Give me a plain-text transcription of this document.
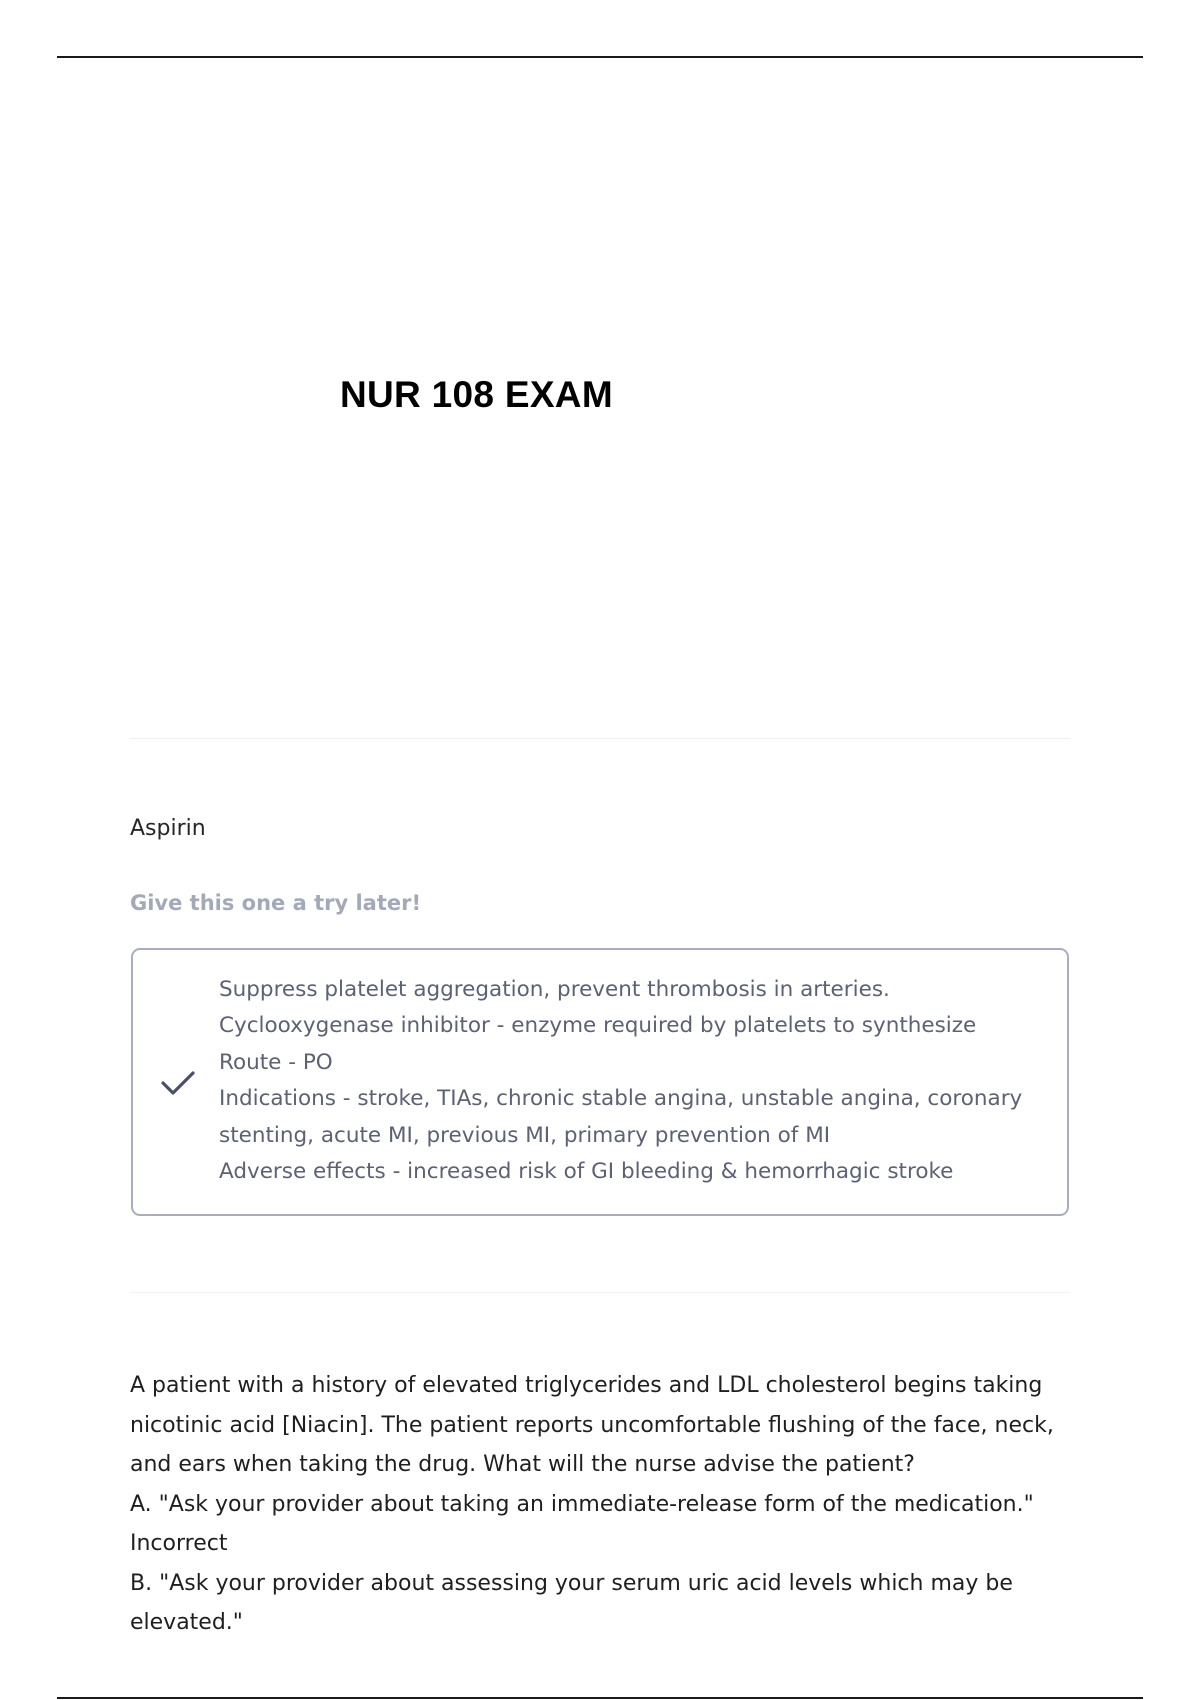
NUR 108 EXAM
Aspirin
Give this one a try later!
Suppress platelet aggregation, prevent thrombosis in arteries.
Cyclooxygenase inhibitor - enzyme required by platelets to synthesize
Route - PO
Indications - stroke, TIAs, chronic stable angina, unstable angina, coronary
stenting, acute MI, previous MI, primary prevention of MI
Adverse effects - increased risk of GI bleeding & hemorrhagic stroke
A patient with a history of elevated triglycerides and LDL cholesterol begins taking
nicotinic acid [Niacin]. The patient reports uncomfortable flushing of the face, neck,
and ears when taking the drug. What will the nurse advise the patient?
A. "Ask your provider about taking an immediate-release form of the medication."
Incorrect
B. "Ask your provider about assessing your serum uric acid levels which may be
elevated."
